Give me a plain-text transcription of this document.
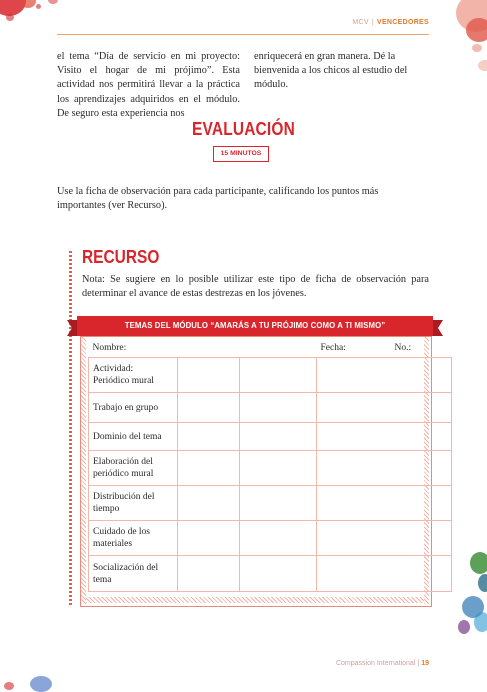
MCV | VENCEDORES
el tema “Día de servicio en mi proyecto: Visito el hogar de mi prójimo”. Esta actividad nos permitirá llevar a la práctica los aprendizajes adquiridos en el módulo. De seguro esta experiencia nos
enriquecerá en gran manera. Dé la bienvenida a los chicos al estudio del módulo.
EVALUACIÓN
15 MINUTOS
Use la ficha de observación para cada participante, calificando los puntos más importantes (ver Recurso).
RECURSO
Nota: Se sugiere en lo posible utilizar este tipo de ficha de observación para determinar el avance de estas destrezas en los jóvenes.
TEMAS DEL MÓDULO “AMARÁS A TU PRÓJIMO COMO A TI MISMO”
Nombre:			Fecha:	No.:

Actividad:
Periódico mural				

Trabajo en grupo				

Dominio del tema				

Elaboración del
periódico mural				

Distribución del
tiempo				

Cuidado de los
materiales				

Socialización del
tema				

Compassion International | 19
